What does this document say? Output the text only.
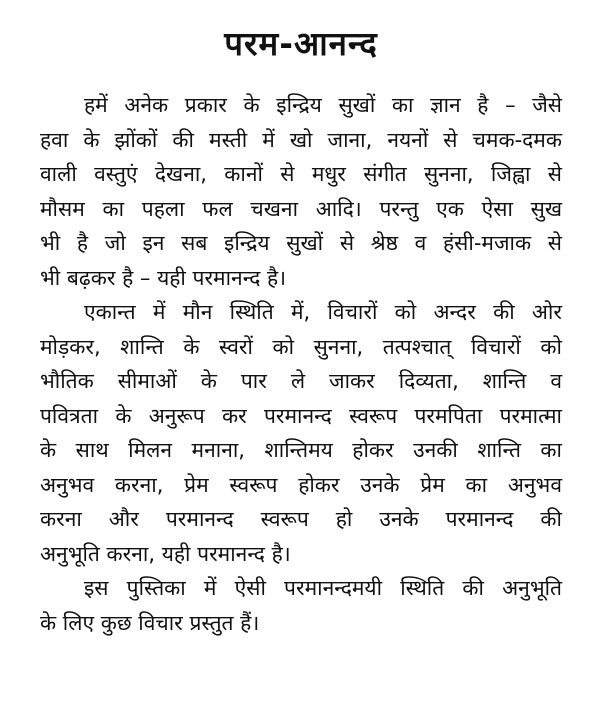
परम-आनन्द

हमें अनेक प्रकार के इन्द्रिय सुखों का ज्ञान है – जैसे
हवा के झोंकों की मस्ती में खो जाना, नयनों से चमक-दमक
वाली वस्तुएं देखना, कानों से मधुर संगीत सुनना, जिह्वा से
मौसम का पहला फल चखना आदि। परन्तु एक ऐसा सुख
भी है जो इन सब इन्द्रिय सुखों से श्रेष्ठ व हंसी-मजाक से
भी बढ़कर है – यही परमानन्द है।

एकान्त में मौन स्थिति में, विचारों को अन्दर की ओर
मोड़कर, शान्ति के स्वरों को सुनना, तत्पश्चात् विचारों को
भौतिक सीमाओं के पार ले जाकर दिव्यता, शान्ति व
पवित्रता के अनुरूप कर परमानन्द स्वरूप परमपिता परमात्मा
के साथ मिलन मनाना, शान्तिमय होकर उनकी शान्ति का
अनुभव करना, प्रेम स्वरूप होकर उनके प्रेम का अनुभव
करना और परमानन्द स्वरूप हो उनके परमानन्द की
अनुभूति करना, यही परमानन्द है।

इस पुस्तिका में ऐसी परमानन्दमयी स्थिति की अनुभूति
के लिए कुछ विचार प्रस्तुत हैं।
